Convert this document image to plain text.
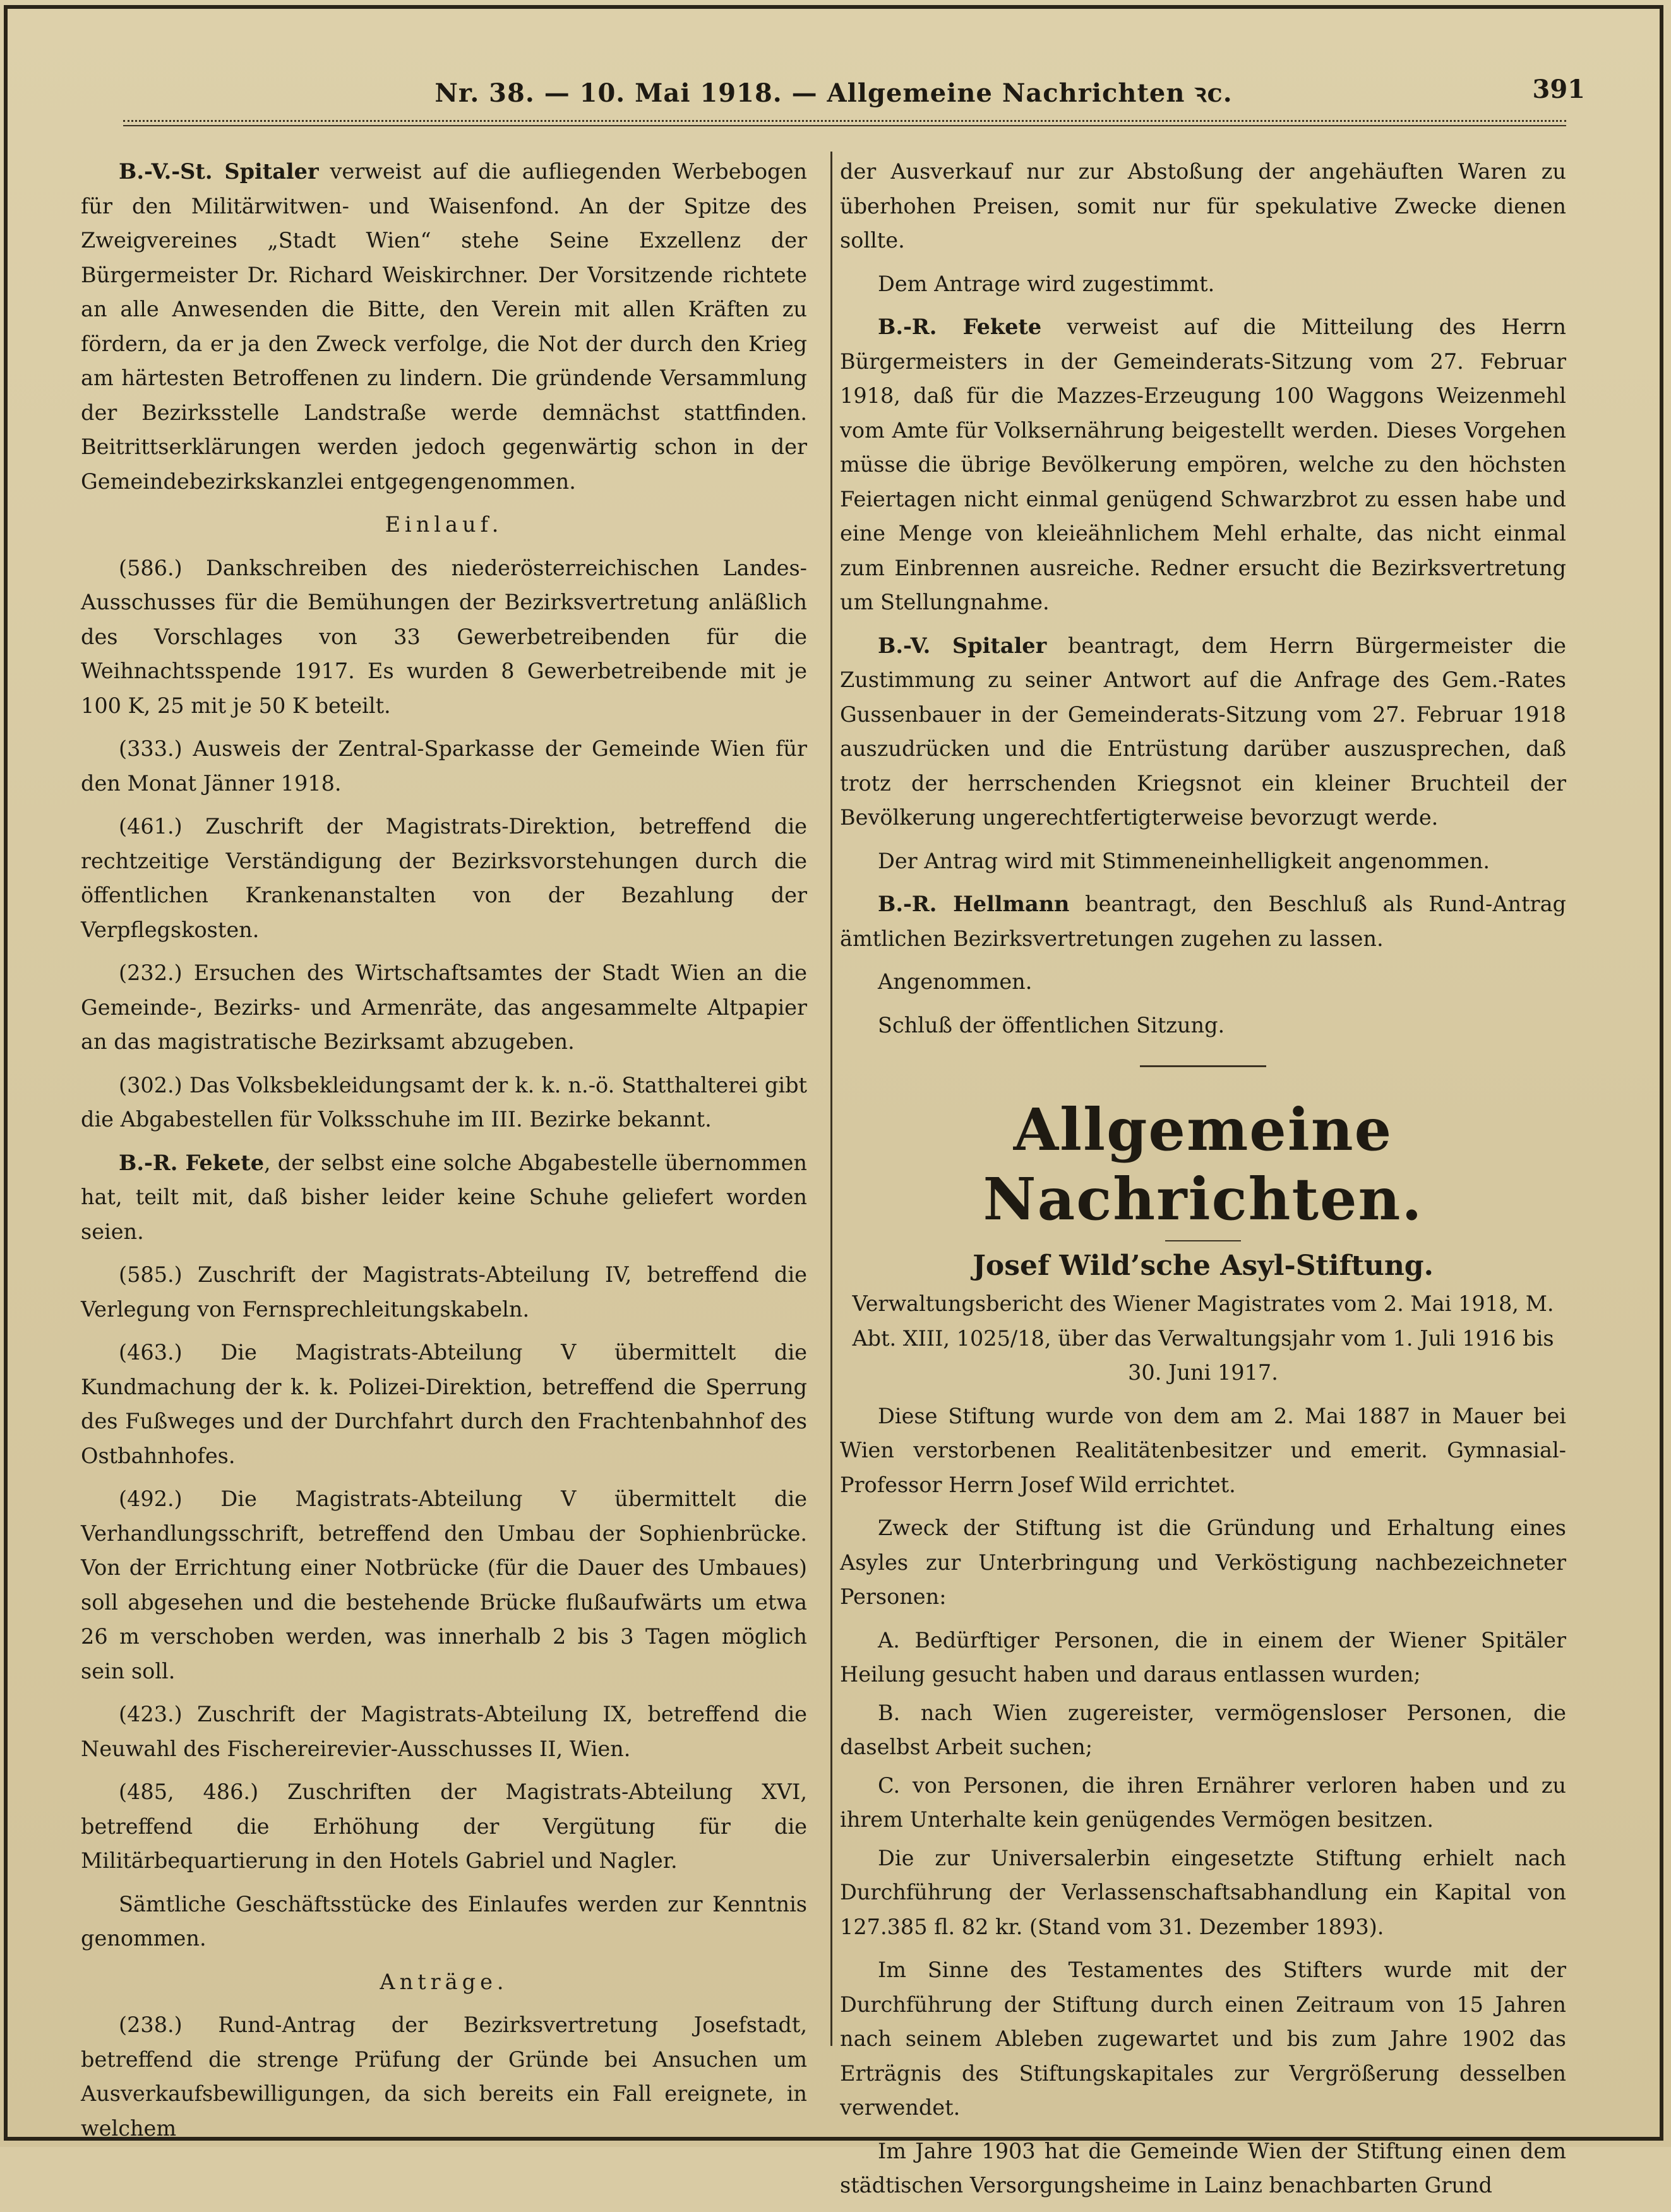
Nr. 38. — 10. Mai 1918. — Allgemeine Nachrichten ꝛc.	391

B.-V.-St. Spitaler verweist auf die aufliegenden Werbebogen für den Militärwitwen- und Waisenfond. An der Spitze des Zweigvereines „Stadt Wien“ stehe Seine Exzellenz der Bürgermeister Dr. Richard Weiskirchner. Der Vorsitzende richtete an alle Anwesenden die Bitte, den Verein mit allen Kräften zu fördern, da er ja den Zweck verfolge, die Not der durch den Krieg am härtesten Betroffenen zu lindern. Die gründende Versammlung der Bezirksstelle Landstraße werde demnächst stattfinden. Beitrittserklärungen werden jedoch gegenwärtig schon in der Gemeindebezirkskanzlei entgegengenommen.

Einlauf.

(586.) Dankschreiben des niederösterreichischen Landes-Ausschusses für die Bemühungen der Bezirksvertretung anläßlich des Vorschlages von 33 Gewerbetreibenden für die Weihnachtsspende 1917. Es wurden 8 Gewerbetreibende mit je 100 K, 25 mit je 50 K beteilt.

(333.) Ausweis der Zentral-Sparkasse der Gemeinde Wien für den Monat Jänner 1918.

(461.) Zuschrift der Magistrats-Direktion, betreffend die rechtzeitige Verständigung der Bezirksvorstehungen durch die öffentlichen Krankenanstalten von der Bezahlung der Verpflegskosten.

(232.) Ersuchen des Wirtschaftsamtes der Stadt Wien an die Gemeinde-, Bezirks- und Armenräte, das angesammelte Altpapier an das magistratische Bezirksamt abzugeben.

(302.) Das Volksbekleidungsamt der k. k. n.-ö. Statthalterei gibt die Abgabestellen für Volksschuhe im III. Bezirke bekannt.

B.-R. Fekete, der selbst eine solche Abgabestelle übernommen hat, teilt mit, daß bisher leider keine Schuhe geliefert worden seien.

(585.) Zuschrift der Magistrats-Abteilung IV, betreffend die Verlegung von Fernsprechleitungskabeln.

(463.) Die Magistrats-Abteilung V übermittelt die Kundmachung der k. k. Polizei-Direktion, betreffend die Sperrung des Fußweges und der Durchfahrt durch den Frachtenbahnhof des Ostbahnhofes.

(492.) Die Magistrats-Abteilung V übermittelt die Verhandlungsschrift, betreffend den Umbau der Sophienbrücke. Von der Errichtung einer Notbrücke (für die Dauer des Umbaues) soll abgesehen und die bestehende Brücke flußaufwärts um etwa 26 m verschoben werden, was innerhalb 2 bis 3 Tagen möglich sein soll.

(423.) Zuschrift der Magistrats-Abteilung IX, betreffend die Neuwahl des Fischereirevier-Ausschusses II, Wien.

(485, 486.) Zuschriften der Magistrats-Abteilung XVI, betreffend die Erhöhung der Vergütung für die Militärbequartierung in den Hotels Gabriel und Nagler.

Sämtliche Geschäftsstücke des Einlaufes werden zur Kenntnis genommen.

Anträge.

(238.) Rund-Antrag der Bezirksvertretung Josefstadt, betreffend die strenge Prüfung der Gründe bei Ansuchen um Ausverkaufsbewilligungen, da sich bereits ein Fall ereignete, in welchem

der Ausverkauf nur zur Abstoßung der angehäuften Waren zu überhohen Preisen, somit nur für spekulative Zwecke dienen sollte.

Dem Antrage wird zugestimmt.

B.-R. Fekete verweist auf die Mitteilung des Herrn Bürgermeisters in der Gemeinderats-Sitzung vom 27. Februar 1918, daß für die Mazzes-Erzeugung 100 Waggons Weizenmehl vom Amte für Volksernährung beigestellt werden. Dieses Vorgehen müsse die übrige Bevölkerung empören, welche zu den höchsten Feiertagen nicht einmal genügend Schwarzbrot zu essen habe und eine Menge von kleieähnlichem Mehl erhalte, das nicht einmal zum Einbrennen ausreiche. Redner ersucht die Bezirksvertretung um Stellungnahme.

B.-V. Spitaler beantragt, dem Herrn Bürgermeister die Zustimmung zu seiner Antwort auf die Anfrage des Gem.-Rates Gussenbauer in der Gemeinderats-Sitzung vom 27. Februar 1918 auszudrücken und die Entrüstung darüber auszusprechen, daß trotz der herrschenden Kriegsnot ein kleiner Bruchteil der Bevölkerung ungerechtfertigterweise bevorzugt werde.

Der Antrag wird mit Stimmeneinhelligkeit angenommen.

B.-R. Hellmann beantragt, den Beschluß als Rund-Antrag ämtlichen Bezirksvertretungen zugehen zu lassen.

Angenommen.

Schluß der öffentlichen Sitzung.

Allgemeine Nachrichten.
Josef Wild’sche Asyl-Stiftung.
Verwaltungsbericht des Wiener Magistrates vom 2. Mai 1918, M. Abt. XIII, 1025/18, über das Verwaltungsjahr vom 1. Juli 1916 bis 30. Juni 1917.

Diese Stiftung wurde von dem am 2. Mai 1887 in Mauer bei Wien verstorbenen Realitätenbesitzer und emerit. Gymnasial-Professor Herrn Josef Wild errichtet.

Zweck der Stiftung ist die Gründung und Erhaltung eines Asyles zur Unterbringung und Verköstigung nachbezeichneter Personen:

A. Bedürftiger Personen, die in einem der Wiener Spitäler Heilung gesucht haben und daraus entlassen wurden;

B. nach Wien zugereister, vermögensloser Personen, die daselbst Arbeit suchen;

C. von Personen, die ihren Ernährer verloren haben und zu ihrem Unterhalte kein genügendes Vermögen besitzen.

Die zur Universalerbin eingesetzte Stiftung erhielt nach Durchführung der Verlassenschaftsabhandlung ein Kapital von 127.385 fl. 82 kr. (Stand vom 31. Dezember 1893).

Im Sinne des Testamentes des Stifters wurde mit der Durchführung der Stiftung durch einen Zeitraum von 15 Jahren nach seinem Ableben zugewartet und bis zum Jahre 1902 das Erträgnis des Stiftungskapitales zur Vergrößerung desselben verwendet.

Im Jahre 1903 hat die Gemeinde Wien der Stiftung einen dem städtischen Versorgungsheime in Lainz benachbarten Grund
